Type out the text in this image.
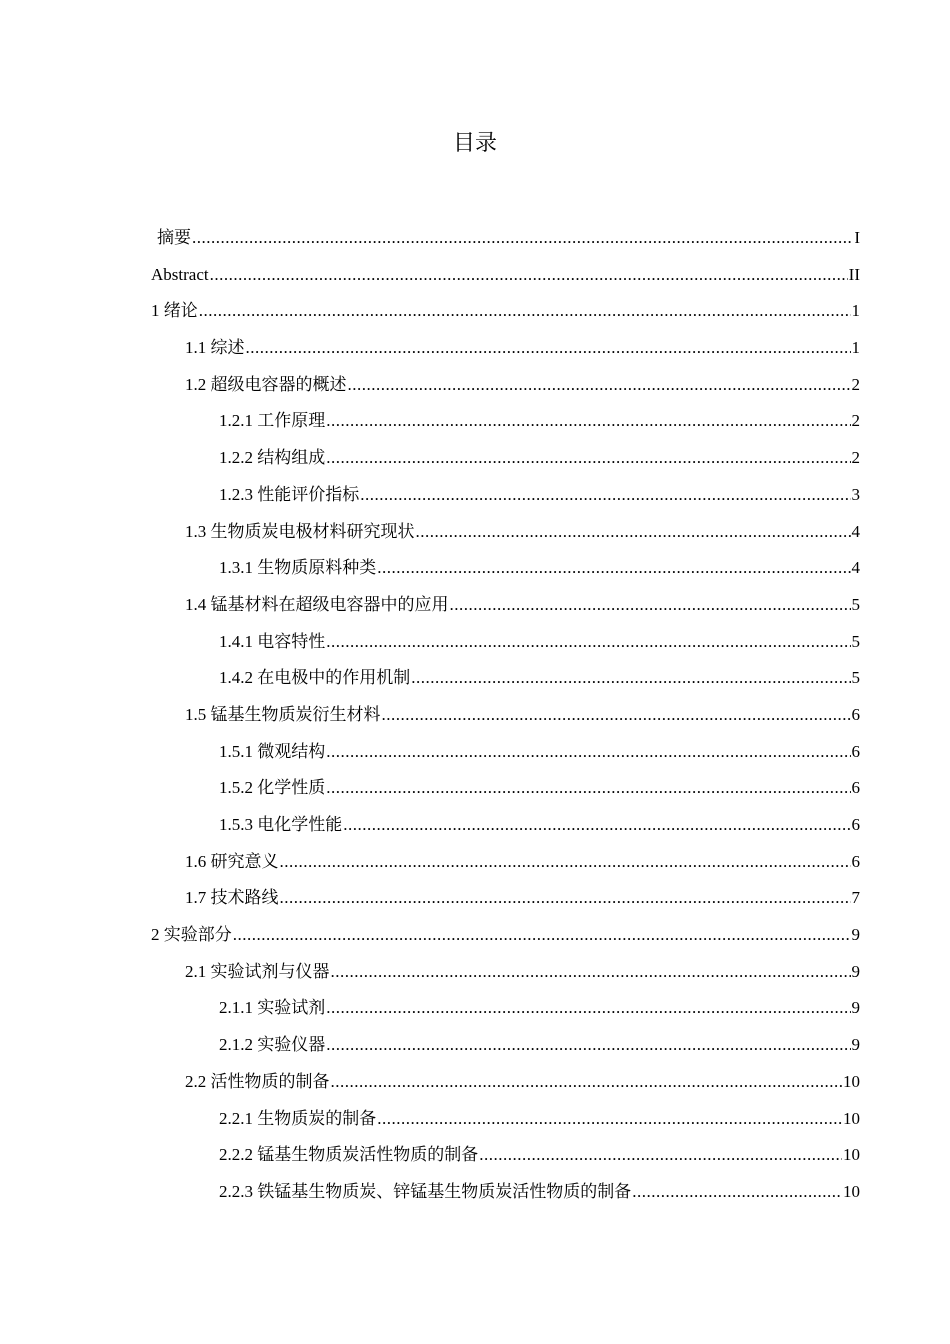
目录
摘要 .....	I
Abstract .....	II
1 绪论 .....	1
1.1 综述 .....	1
1.2 超级电容器的概述 .....	2
1.2.1 工作原理 .....	2
1.2.2 结构组成 .....	2
1.2.3 性能评价指标 .....	3
1.3 生物质炭电极材料研究现状 .....	4
1.3.1 生物质原料种类 .....	4
1.4 锰基材料在超级电容器中的应用 .....	5
1.4.1 电容特性 .....	5
1.4.2 在电极中的作用机制 .....	5
1.5 锰基生物质炭衍生材料 .....	6
1.5.1 微观结构 .....	6
1.5.2 化学性质 .....	6
1.5.3 电化学性能 .....	6
1.6 研究意义 .....	6
1.7 技术路线 .....	7
2 实验部分 .....	9
2.1 实验试剂与仪器 .....	9
2.1.1 实验试剂 .....	9
2.1.2 实验仪器 .....	9
2.2 活性物质的制备 .....	10
2.2.1 生物质炭的制备 .....	10
2.2.2 锰基生物质炭活性物质的制备 .....	10
2.2.3 铁锰基生物质炭、锌锰基生物质炭活性物质的制备 .....	10
